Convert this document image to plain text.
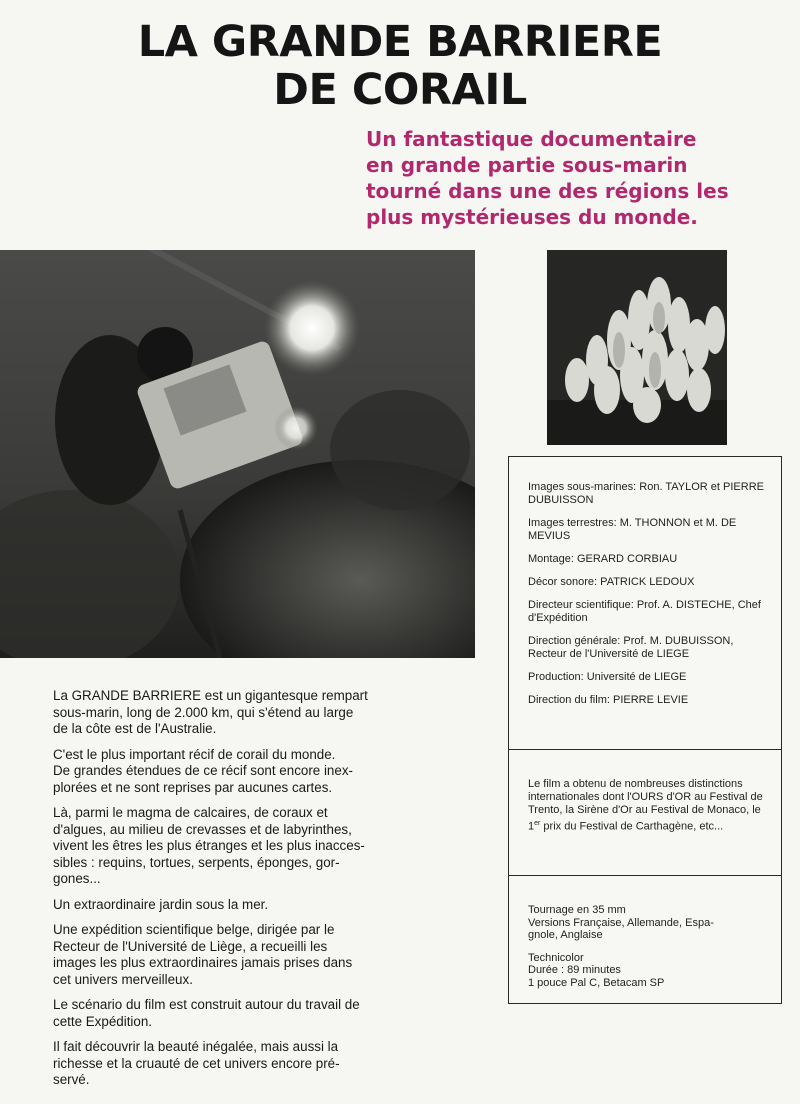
LA GRANDE BARRIERE
DE CORAIL
Un fantastique documentaire
en grande partie sous-marin
tourné dans une des régions les
plus mystérieuses du monde.

Images sous-marines : Ron. TAYLOR et PIERRE DUBUISSON

Images terrestres : M. THONNON et M. DE MEVIUS

Montage : GERARD CORBIAU

Décor sonore : PATRICK LEDOUX

Directeur scientifique : Prof. A. DISTECHE, Chef d'Expédition

Direction générale : Prof. M. DUBUISSON, Recteur de l'Université de LIEGE

Production : Université de LIEGE

Direction du film : PIERRE LEVIE

Le film a obtenu de nombreuses distinctions internationales dont l'OURS d'OR au Festival de Trento, la Sirène d'Or au Festival de Monaco, le 1er prix du Festival de Carthagène, etc...

Tournage en 35 mm

Versions Française, Allemande, Espa-

gnole, Anglaise

Technicolor

Durée : 89 minutes

1 pouce Pal C, Betacam SP

La GRANDE BARRIERE est un gigantesque rempart
sous-marin, long de 2.000 km, qui s'étend au large
de la côte est de l'Australie.

C'est le plus important récif de corail du monde.
De grandes étendues de ce récif sont encore inex-
plorées et ne sont reprises par aucunes cartes.

Là, parmi le magma de calcaires, de coraux et
d'algues, au milieu de crevasses et de labyrinthes,
vivent les êtres les plus étranges et les plus inacces-
sibles : requins, tortues, serpents, éponges, gor-
gones...

Un extraordinaire jardin sous la mer.

Une expédition scientifique belge, dirigée par le
Recteur de l'Université de Liège, a recueilli les
images les plus extraordinaires jamais prises dans
cet univers merveilleux.

Le scénario du film est construit autour du travail de
cette Expédition.

Il fait découvrir la beauté inégalée, mais aussi la
richesse et la cruauté de cet univers encore pré-
servé.
